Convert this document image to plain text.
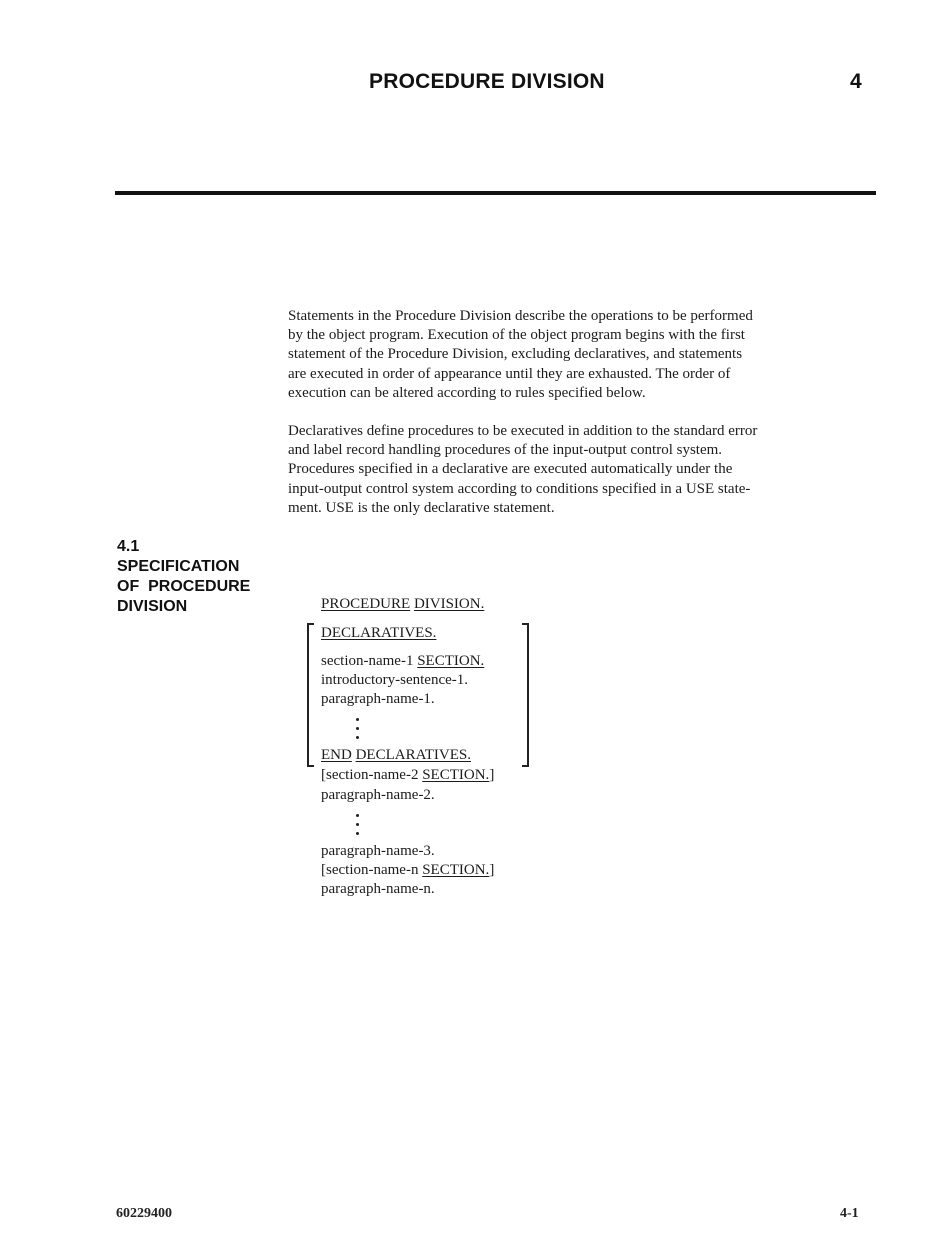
PROCEDURE DIVISION	4
Statements in the Procedure Division describe the operations to be performed
by the object program. Execution of the object program begins with the first
statement of the Procedure Division, excluding declaratives, and statements
are executed in order of appearance until they are exhausted. The order of
execution can be altered according to rules specified below.
Declaratives define procedures to be executed in addition to the standard error
and label record handling procedures of the input-output control system.
Procedures specified in a declarative are executed automatically under the
input-output control system according to conditions specified in a USE state-
ment. USE is the only declarative statement.
4.1
SPECIFICATION
OF  PROCEDURE
DIVISION	PROCEDURE DIVISION.
DECLARATIVES.
section-name-1 SECTION.
introductory-sentence-1.
paragraph-name-1.
END DECLARATIVES.
[section-name-2 SECTION.]
paragraph-name-2.
paragraph-name-3.
[section-name-n SECTION.]
paragraph-name-n.
60229400	4-1
